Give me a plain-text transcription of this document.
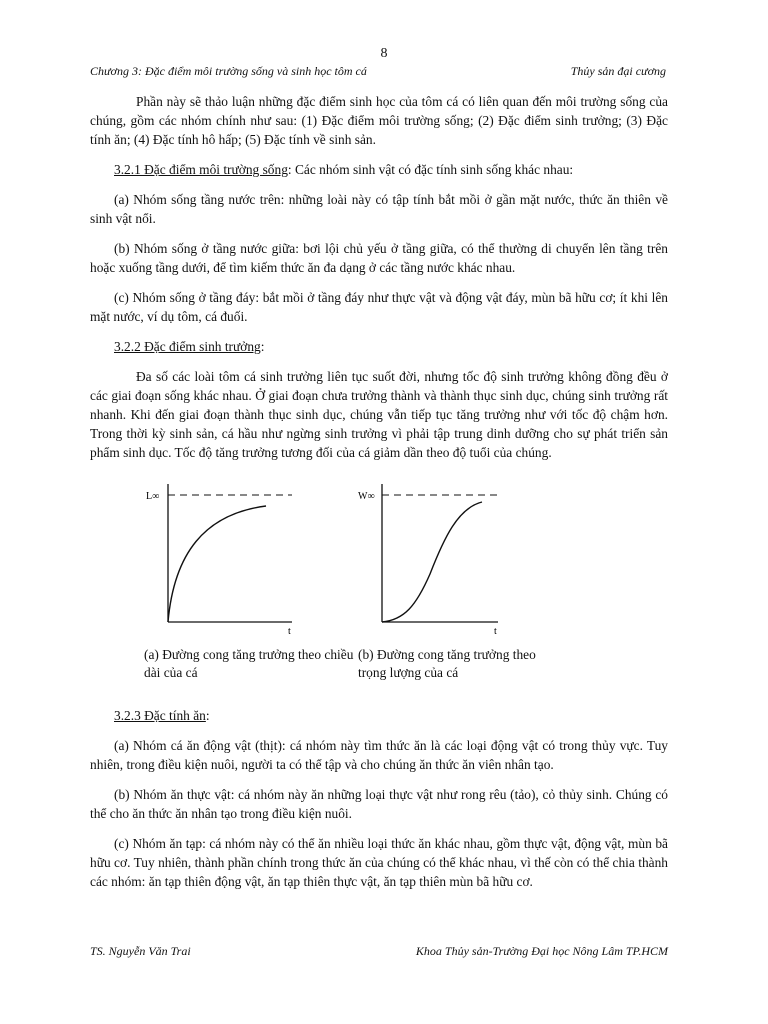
8
Chương 3: Đặc điểm môi trường sống và sinh học tôm cá	Thủy sản đại cương

Phần này sẽ thảo luận những đặc điểm sinh học của tôm cá có liên quan đến môi trường sống của chúng, gồm các nhóm chính như sau: (1) Đặc điểm môi trường sống; (2) Đặc điểm sinh trưởng; (3) Đặc tính ăn; (4) Đặc tính hô hấp; (5) Đặc tính về sinh sản.

3.2.1 Đặc điểm môi trường sống: Các nhóm sinh vật có đặc tính sinh sống khác nhau:

(a) Nhóm sống tầng nước trên: những loài này có tập tính bắt mồi ở gần mặt nước, thức ăn thiên về sinh vật nổi.

(b) Nhóm sống ở tầng nước giữa: bơi lội chủ yếu ở tầng giữa, có thể thường di chuyển lên tầng trên hoặc xuống tầng dưới, để tìm kiếm thức ăn đa dạng ở các tầng nước khác nhau.

(c) Nhóm sống ở tầng đáy: bắt mồi ở tầng đáy như thực vật và động vật đáy, mùn bã hữu cơ; ít khi lên mặt nước, ví dụ tôm, cá đuối.

3.2.2 Đặc điểm sinh trưởng:

Đa số các loài tôm cá sinh trưởng liên tục suốt đời, nhưng tốc độ sinh trưởng không đồng đều ở các giai đoạn sống khác nhau. Ở giai đoạn chưa trưởng thành và thành thục sinh dục, chúng sinh trưởng rất nhanh. Khi đến giai đoạn thành thục sinh dục, chúng vẫn tiếp tục tăng trưởng như với tốc độ chậm hơn. Trong thời kỳ sinh sản, cá hầu như ngừng sinh trưởng vì phải tập trung dinh dưỡng cho sự phát triển sản phẩm sinh dục. Tốc độ tăng trưởng tương đối của cá giảm dần theo độ tuổi của chúng.

L∞
t
W∞
t
(a) Đường cong tăng trưởng theo chiều dài của cá
(b) Đường cong tăng trưởng theo trọng lượng của cá

3.2.3 Đặc tính ăn:

(a) Nhóm cá ăn động vật (thịt): cá nhóm này tìm thức ăn là các loại động vật có trong thủy vực. Tuy nhiên, trong điều kiện nuôi, người ta có thể tập và cho chúng ăn thức ăn viên nhân tạo.

(b) Nhóm ăn thực vật: cá nhóm này ăn những loại thực vật như rong rêu (tảo), cỏ thủy sinh. Chúng có thể cho ăn thức ăn nhân tạo trong điều kiện nuôi.

(c) Nhóm ăn tạp: cá nhóm này có thể ăn nhiều loại thức ăn khác nhau, gồm thực vật, động vật, mùn bã hữu cơ. Tuy nhiên, thành phần chính trong thức ăn của chúng có thể khác nhau, vì thế còn có thể chia thành các nhóm: ăn tạp thiên động vật, ăn tạp thiên thực vật, ăn tạp thiên mùn bã hữu cơ.

TS. Nguyễn Văn Trai	Khoa Thủy sản-Trường Đại học Nông Lâm TP.HCM
